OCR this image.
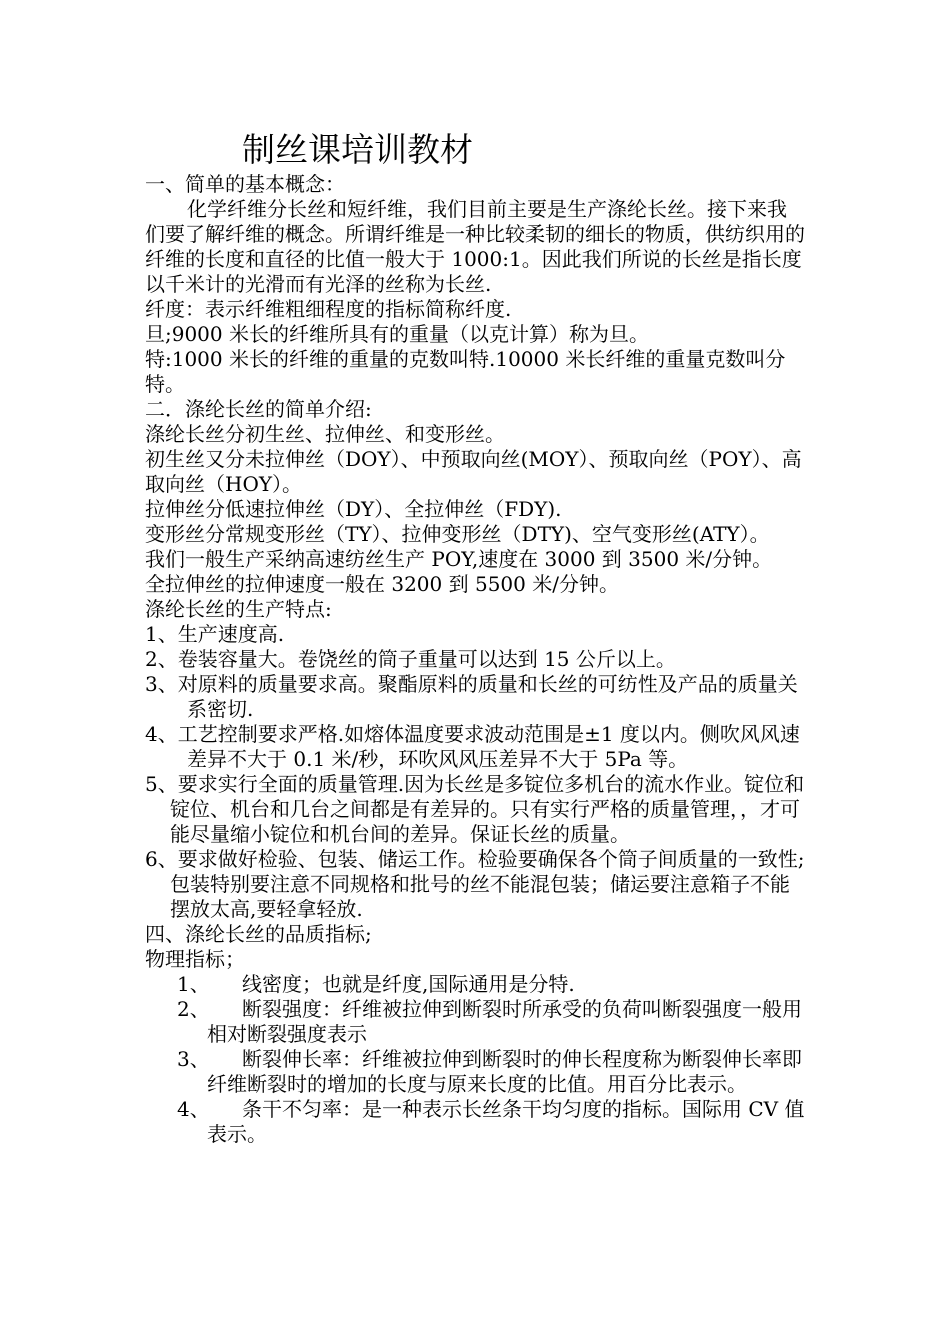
制丝课培训教材

一、简单的基本概念：

化学纤维分长丝和短纤维，我们目前主要是生产涤纶长丝。接下来我们要了解纤维的概念。所谓纤维是一种比较柔韧的细长的物质，供纺织用的纤维的长度和直径的比值一般大于 1000:1。因此我们所说的长丝是指长度以千米计的光滑而有光泽的丝称为长丝.

纤度：表示纤维粗细程度的指标简称纤度.

旦;9000 米长的纤维所具有的重量（以克计算）称为旦。

特:1000 米长的纤维的重量的克数叫特.10000 米长纤维的重量克数叫分特。

二．涤纶长丝的简单介绍:

涤纶长丝分初生丝、拉伸丝、和变形丝。

初生丝又分未拉伸丝（DOY）、中预取向丝(MOY）、预取向丝（POY）、高取向丝（HOY）。

拉伸丝分低速拉伸丝（DY）、全拉伸丝（FDY).

变形丝分常规变形丝（TY）、拉伸变形丝（DTY)、空气变形丝(ATY）。

我们一般生产采纳高速纺丝生产 POY,速度在 3000 到 3500 米/分钟。

全拉伸丝的拉伸速度一般在 3200 到 5500 米/分钟。

涤纶长丝的生产特点:

1、生产速度高.

2、卷装容量大。卷饶丝的筒子重量可以达到 15 公斤以上。

3、对原料的质量要求高。聚酯原料的质量和长丝的可纺性及产品的质量关系密切.

4、工艺控制要求严格.如熔体温度要求波动范围是±1 度以内。侧吹风风速差异不大于 0.1 米/秒，环吹风风压差异不大于 5Pa 等。

5、要求实行全面的质量管理.因为长丝是多锭位多机台的流水作业。锭位和锭位、机台和几台之间都是有差异的。只有实行严格的质量管理，，才可能尽量缩小锭位和机台间的差异。保证长丝的质量。

6、要求做好检验、包装、储运工作。检验要确保各个筒子间质量的一致性;包装特别要注意不同规格和批号的丝不能混包装；储运要注意箱子不能摆放太高,要轻拿轻放.

四、涤纶长丝的品质指标;

物理指标；

1、 线密度；也就是纤度,国际通用是分特.

2、 断裂强度：纤维被拉伸到断裂时所承受的负荷叫断裂强度一般用相对断裂强度表示

3、 断裂伸长率：纤维被拉伸到断裂时的伸长程度称为断裂伸长率即纤维断裂时的增加的长度与原来长度的比值。用百分比表示。

4、 条干不匀率：是一种表示长丝条干均匀度的指标。国际用 CV 值表示。
